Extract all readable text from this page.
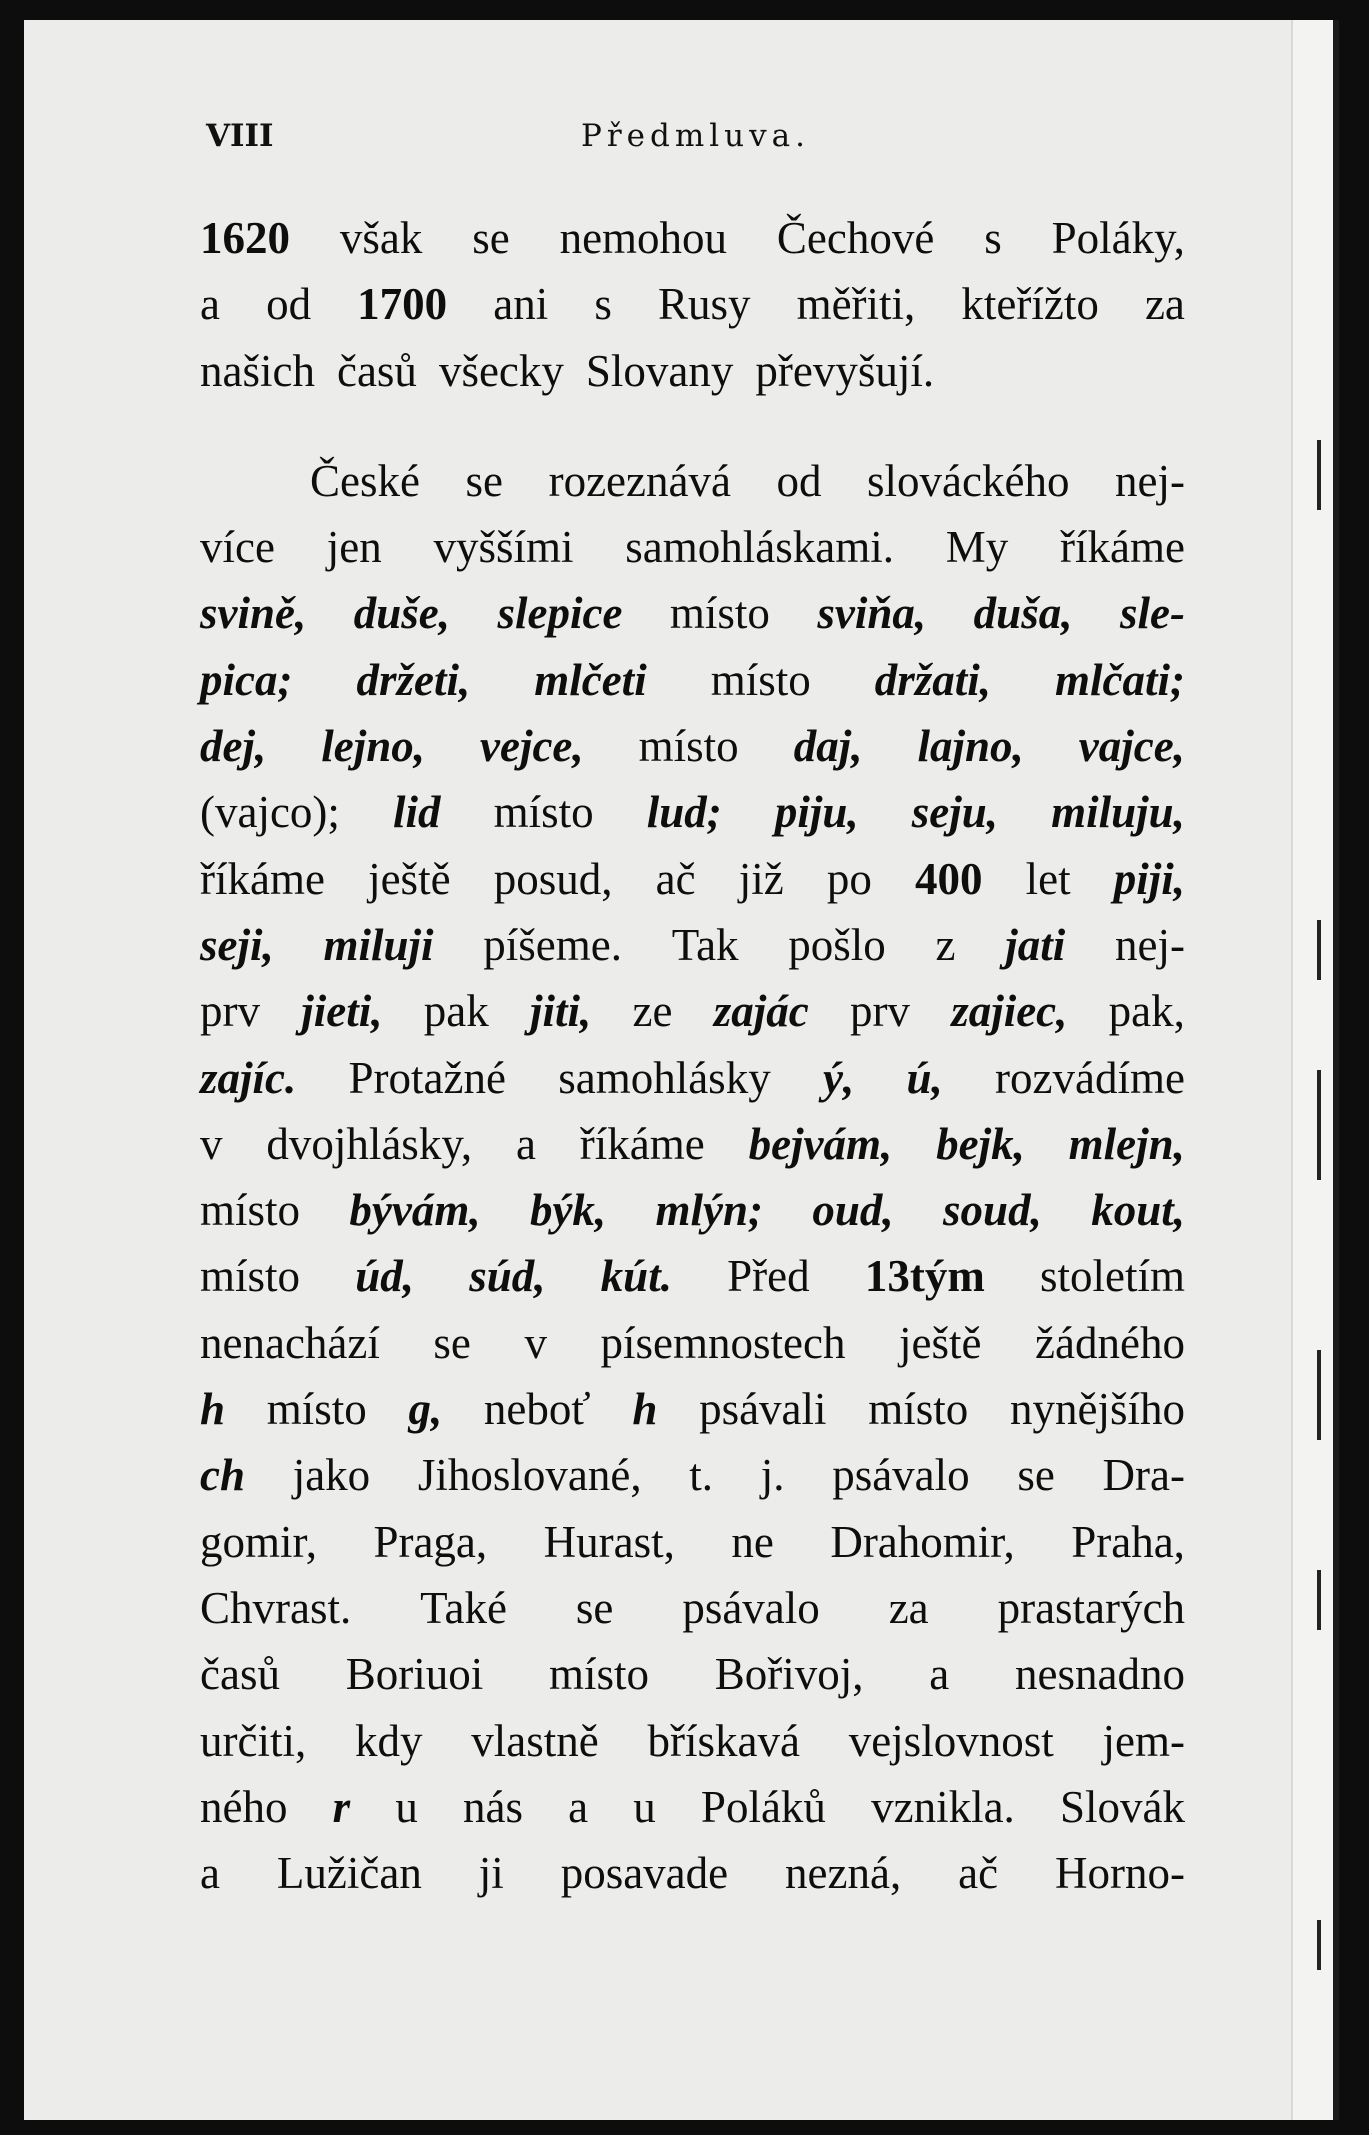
VIII	Předmluva.
1620 však se nemohou Čechové s Poláky,
a od 1700 ani s Rusy měřiti, kteřížto za
našich časů všecky Slovany převyšují.
České se rozeznává od slováckého nej-
více jen vyššími samohláskami. My říkáme
svině, duše, slepice místo sviňa, duša, sle-
pica; držeti, mlčeti místo držati, mlčati;
dej, lejno, vejce, místo daj, lajno, vajce,
(vajco); lid místo lud; piju, seju, miluju,
říkáme ještě posud, ač již po 400 let piji,
seji, miluji píšeme. Tak pošlo z jati nej-
prv jieti, pak jiti, ze zajác prv zajiec, pak,
zajíc. Protažné samohlásky ý, ú, rozvádíme
v dvojhlásky, a říkáme bejvám, bejk, mlejn,
místo bývám, býk, mlýn; oud, soud, kout,
místo úd, súd, kút. Před 13tým stoletím
nenachází se v písemnostech ještě žádného
h místo g, neboť h psávali místo nynějšího
ch jako Jihoslované, t. j. psávalo se Dra-
gomir, Praga, Hurast, ne Drahomir, Praha,
Chvrast. Také se psávalo za prastarých
časů Boriuoi místo Bořivoj, a nesnadno
určiti, kdy vlastně břískavá vejslovnost jem-
ného r u nás a u Poláků vznikla. Slovák
a Lužičan ji posavade nezná, ač Horno-
